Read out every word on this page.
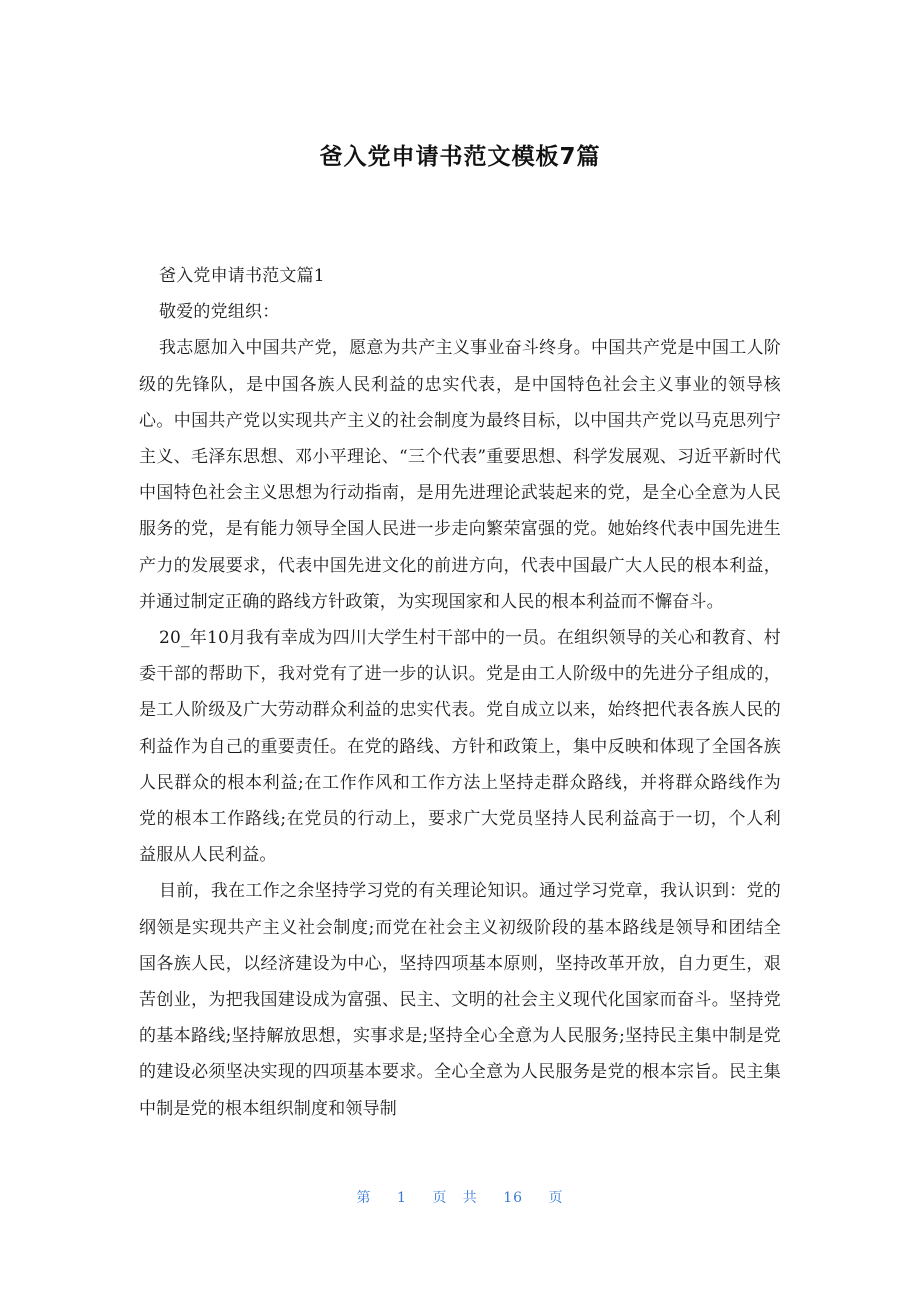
爸入党申请书范文模板7篇

爸入党申请书范文篇1

敬爱的党组织：

我志愿加入中国共产党，愿意为共产主义事业奋斗终身。中国共产党是中国工人阶级的先锋队，是中国各族人民利益的忠实代表，是中国特色社会主义事业的领导核心。中国共产党以实现共产主义的社会制度为最终目标，以中国共产党以马克思列宁主义、毛泽东思想、邓小平理论、“三个代表”重要思想、科学发展观、习近平新时代中国特色社会主义思想为行动指南，是用先进理论武装起来的党，是全心全意为人民服务的党，是有能力领导全国人民进一步走向繁荣富强的党。她始终代表中国先进生产力的发展要求，代表中国先进文化的前进方向，代表中国最广大人民的根本利益，并通过制定正确的路线方针政策，为实现国家和人民的根本利益而不懈奋斗。

20_年10月我有幸成为四川大学生村干部中的一员。在组织领导的关心和教育、村委干部的帮助下，我对党有了进一步的认识。党是由工人阶级中的先进分子组成的，是工人阶级及广大劳动群众利益的忠实代表。党自成立以来，始终把代表各族人民的利益作为自己的重要责任。在党的路线、方针和政策上，集中反映和体现了全国各族人民群众的根本利益;在工作作风和工作方法上坚持走群众路线，并将群众路线作为党的根本工作路线;在党员的行动上，要求广大党员坚持人民利益高于一切，个人利益服从人民利益。

目前，我在工作之余坚持学习党的有关理论知识。通过学习党章，我认识到：党的纲领是实现共产主义社会制度;而党在社会主义初级阶段的基本路线是领导和团结全国各族人民，以经济建设为中心，坚持四项基本原则，坚持改革开放，自力更生，艰苦创业，为把我国建设成为富强、民主、文明的社会主义现代化国家而奋斗。坚持党的基本路线;坚持解放思想，实事求是;坚持全心全意为人民服务;坚持民主集中制是党的建设必须坚决实现的四项基本要求。全心全意为人民服务是党的根本宗旨。民主集中制是党的根本组织制度和领导制

第 1 页 共 16 页
